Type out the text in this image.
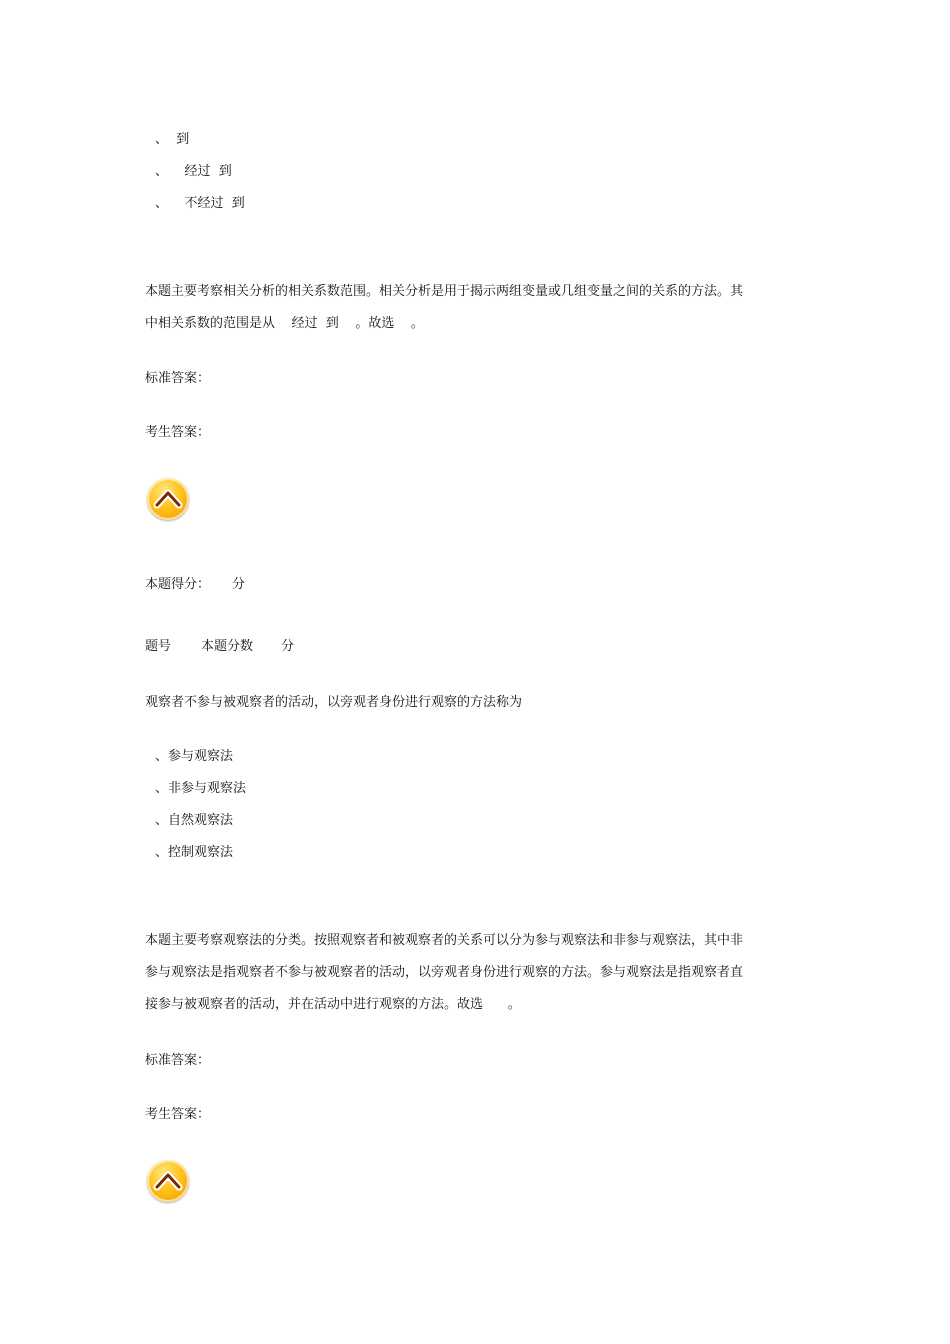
、  到
、    经过  到
、    不经过  到
本题主要考察相关分析的相关系数范围。相关分析是用于揭示两组变量或几组变量之间的关系的方法。其
中相关系数的范围是从    经过  到    。故选    。
标准答案：
考生答案：
本题得分： 分
题号 本题分数 分
观察者不参与被观察者的活动，以旁观者身份进行观察的方法称为
、参与观察法
、非参与观察法
、自然观察法
、控制观察法
本题主要考察观察法的分类。按照观察者和被观察者的关系可以分为参与观察法和非参与观察法，其中非
参与观察法是指观察者不参与被观察者的活动，以旁观者身份进行观察的方法。参与观察法是指观察者直
接参与被观察者的活动，并在活动中进行观察的方法。故选      。
标准答案：
考生答案：
